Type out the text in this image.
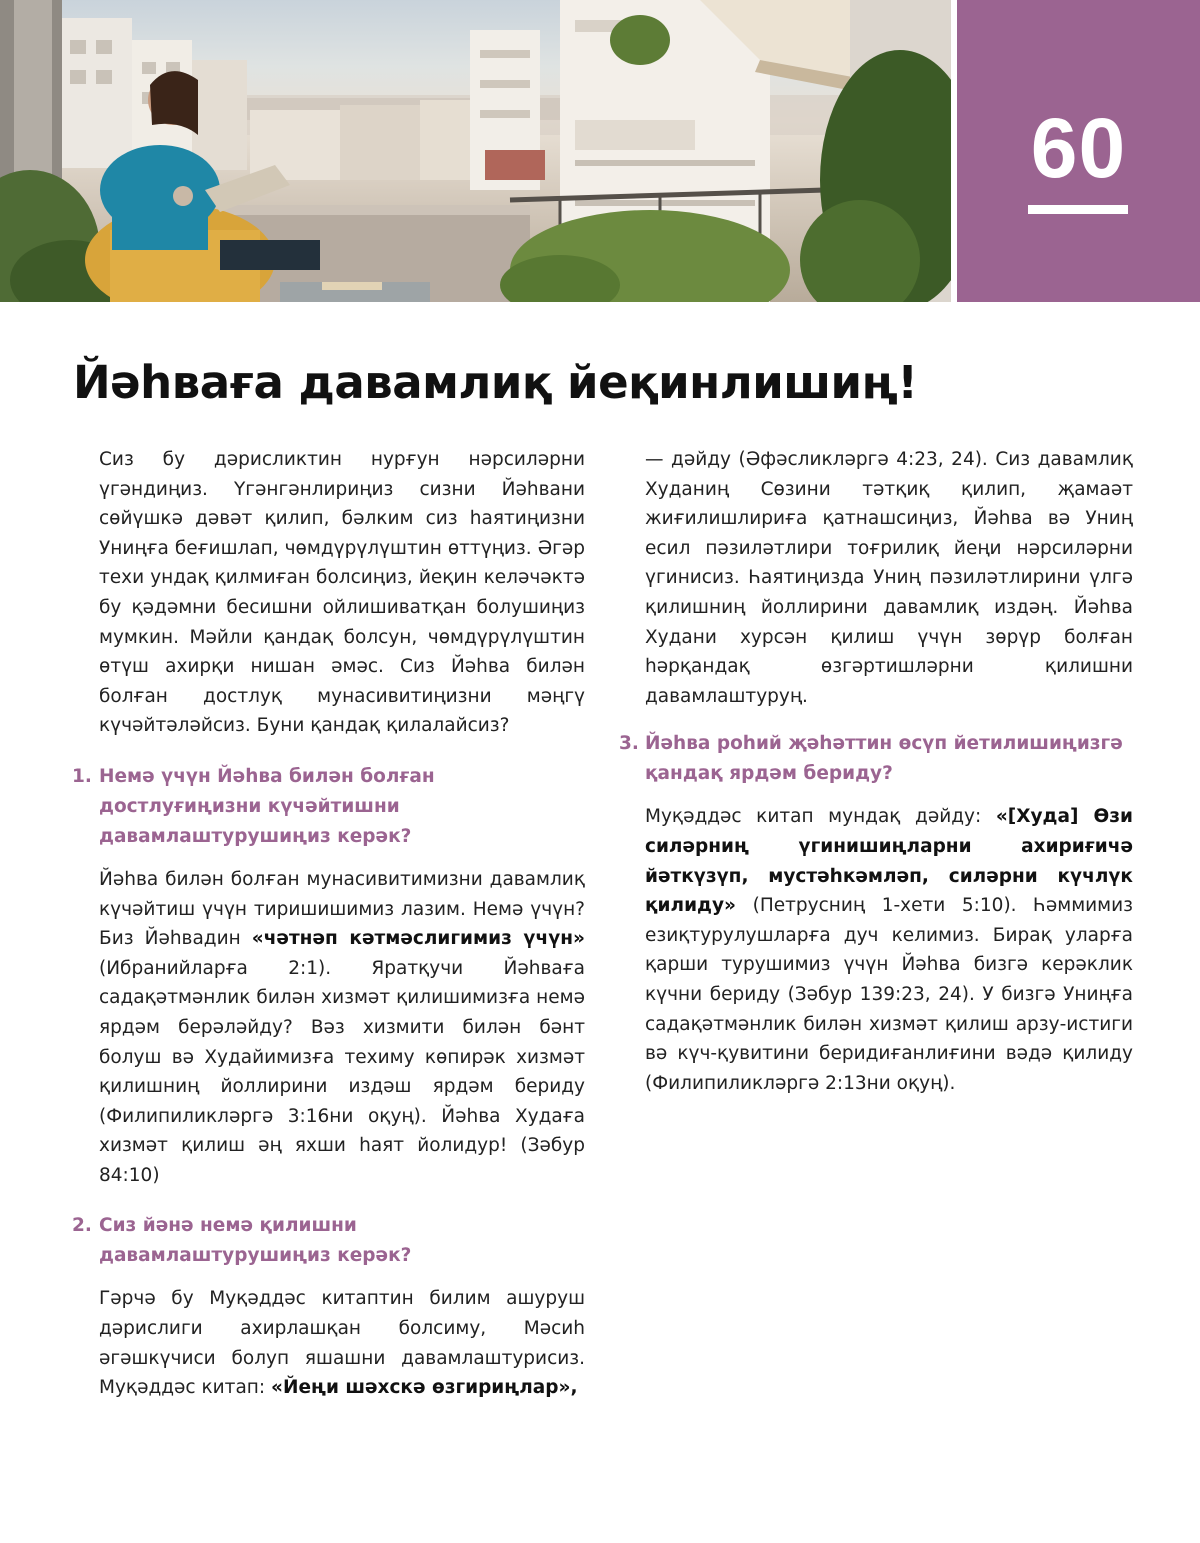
60
Йәһваға давамлиқ йеқинлишиң!

Сиз бу дәрисликтин нурғун нәрсиләрни үгәндиңиз. Үгәнгәнлириңиз сизни Йәһвани сөйүшкә дәвәт қилип, бәлким сиз һаятиңизни Униңға беғишлап, чөмдүрүлүштин өттүңиз. Әгәр техи ундақ қилмиған болсиңиз, йеқин келәчәктә бу қәдәмни бесишни ойлишиватқан болушиңиз мумкин. Мәйли қандақ болсун, чөмдүрүлүштин өтүш ахирқи нишан әмәс. Сиз Йәһва билән болған достлуқ мунасивитиңизни мәңгү күчәйтәләйсиз. Буни қандақ қилалайсиз?

1. Немә үчүн Йәһва билән болған достлуғиңизни күчәйтишни давамлаштурушиңиз керәк?

Йәһва билән болған мунасивитимизни давамлиқ күчәйтиш үчүн тиришишимиз лазим. Немә үчүн? Биз Йәһвадин «чәтнәп кәтмәслигимиз үчүн» (Ибранийларға 2:1). Яратқучи Йәһваға садақәтмәнлик билән хизмәт қилишимизға немә ярдәм берәләйду? Вәз хизмити билән бәнт болуш вә Худайимизға техиму көпирәк хизмәт қилишниң йоллирини издәш ярдәм бериду (Филипиликләргә 3:16ни оқуң). Йәһва Худаға хизмәт қилиш әң яхши һаят йолидур! (Зәбур 84:10)

2. Сиз йәнә немә қилишни давамлаштурушиңиз керәк?

Гәрчә бу Муқәддәс китаптин билим ашуруш дәрислиги ахирлашқан болсиму, Мәсиһ әгәшкүчиси болуп яшашни давамлаштурисиз. Муқәддәс китап: «Йеңи шәхскә өзгириңлар»,

— дәйду (Әфәсликләргә 4:23, 24). Сиз давамлиқ Худаниң Сөзини тәтқиқ қилип, җамаәт жиғилишлириға қатнашсиңиз, Йәһва вә Униң есил пәзиләтлири тоғрилиқ йеңи нәрсиләрни үгинисиз. Һаятиңизда Униң пәзиләтлирини үлгә қилишниң йоллирини давамлиқ издәң. Йәһва Худани хурсән қилиш үчүн зөрүр болған һәрқандақ өзгәртишләрни қилишни давамлаштуруң.

3. Йәһва роһий җәһәттин өсүп йетилишиңизгә қандақ ярдәм бериду?

Муқәддәс китап мундақ дәйду: «[Худа] Өзи силәрниң үгинишиңларни ахириғичә йәткүзүп, мустәһкәмләп, силәрни күчлүк қилиду» (Петрусниң 1-хети 5:10). Һәммимиз езиқтурулушларға дуч келимиз. Бирақ уларға қарши турушимиз үчүн Йәһва бизгә керәклик күчни бериду (Зәбур 139:23, 24). У бизгә Униңға садақәтмәнлик билән хизмәт қилиш арзу-истиги вә күч-қувитини беридиғанлиғини вәдә қилиду (Филипиликләргә 2:13ни оқуң).
